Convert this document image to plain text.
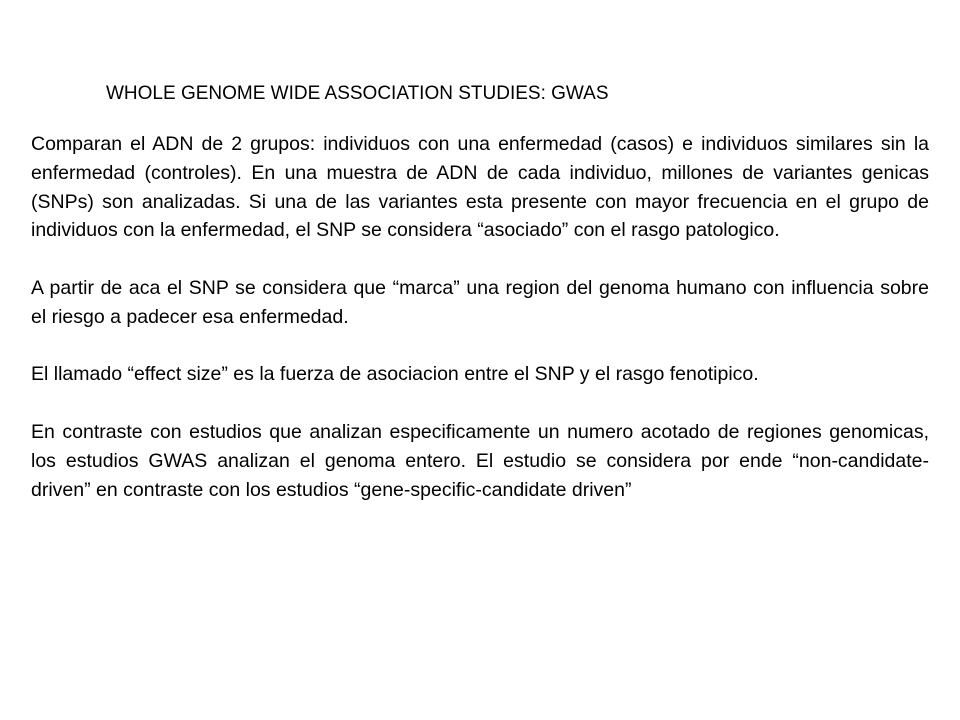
WHOLE GENOME WIDE ASSOCIATION STUDIES: GWAS

Comparan el ADN de 2 grupos: individuos con una enfermedad (casos) e individuos similares sin la enfermedad (controles). En una muestra de ADN de cada individuo, millones de variantes genicas (SNPs) son analizadas. Si una de las variantes esta presente con mayor frecuencia en el grupo de individuos con la enfermedad, el SNP se considera “asociado” con el rasgo patologico.

A partir de aca el SNP se considera que “marca” una region del genoma humano con influencia sobre el riesgo a padecer esa enfermedad.

El llamado “effect size” es la fuerza de asociacion entre el SNP y el rasgo fenotipico.

En contraste con estudios que analizan especificamente un numero acotado de regiones genomicas, los estudios GWAS analizan el genoma entero. El estudio se considera por ende “non-candidate-driven” en contraste con los estudios “gene-specific-candidate driven”
